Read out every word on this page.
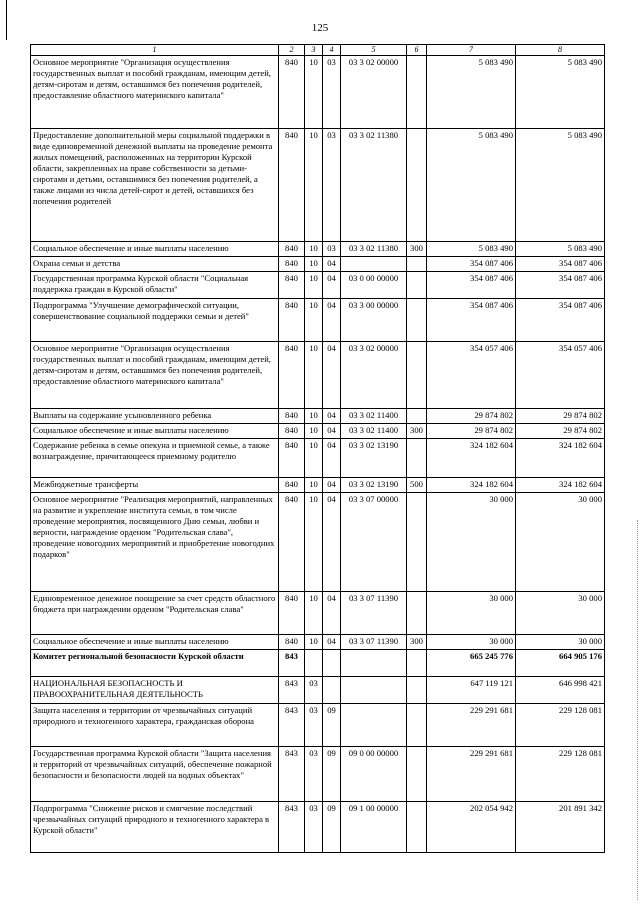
125
1	2	3	4	5	6	7	8
Основное мероприятие "Организация осуществления государственных выплат и пособий гражданам, имеющим детей, детям-сиротам и детям, оставшимся без попечения родителей, предоставление областного материнского капитала"	840	10	03	03 3 02 00000		5 083 490	5 083 490
Предоставление дополнительной меры социальной поддержки в виде единовременной денежной выплаты на проведение ремонта жилых помещений, расположенных на территории Курской области, закрепленных на праве собственности за детьми-сиротами и детьми, оставшимися без попечения родителей, а также лицами из числа детей-сирот и детей, оставшихся без попечения родителей	840	10	03	03 3 02 11380		5 083 490	5 083 490
Социальное обеспечение и иные выплаты населению	840	10	03	03 3 02 11380	300	5 083 490	5 083 490
Охрана семьи и детства	840	10	04			354 087 406	354 087 406
Государственная программа Курской области "Социальная поддержка граждан в Курской области"	840	10	04	03 0 00 00000		354 087 406	354 087 406
Подпрограмма "Улучшение демографической ситуации, совершенствование социальной поддержки семьи и детей"	840	10	04	03 3 00 00000		354 087 406	354 087 406
Основное мероприятие "Организация осуществления государственных выплат и пособий гражданам, имеющим детей, детям-сиротам и детям, оставшимся без попечения родителей, предоставление областного материнского капитала"	840	10	04	03 3 02 00000		354 057 406	354 057 406
Выплаты на содержание усыновленного ребенка	840	10	04	03 3 02 11400		29 874 802	29 874 802
Социальное обеспечение и иные выплаты населению	840	10	04	03 3 02 11400	300	29 874 802	29 874 802
Содержание ребенка в семье опекуна и приемной семье, а также вознаграждение, причитающееся приемному родителю	840	10	04	03 3 02 13190		324 182 604	324 182 604
Межбюджетные трансферты	840	10	04	03 3 02 13190	500	324 182 604	324 182 604
Основное мероприятие "Реализация мероприятий, направленных на развитие и укрепление института семьи, в том числе проведение мероприятия, посвященного Дню семьи, любви и верности, награждение орденом "Родительская слава", проведение новогодних мероприятий и приобретение новогодних подарков"	840	10	04	03 3 07 00000		30 000	30 000
Единовременное денежное поощрение за счет средств областного бюджета при награждении орденом "Родительская слава"	840	10	04	03 3 07 11390		30 000	30 000
Социальное обеспечение и иные выплаты населению	840	10	04	03 3 07 11390	300	30 000	30 000
Комитет региональной безопасности Курской области	843					665 245 776	664 905 176
НАЦИОНАЛЬНАЯ БЕЗОПАСНОСТЬ И ПРАВООХРАНИТЕЛЬНАЯ ДЕЯТЕЛЬНОСТЬ	843	03				647 119 121	646 998 421
Защита населения и территории от чрезвычайных ситуаций природного и техногенного характера, гражданская оборона	843	03	09			229 291 681	229 128 081
Государственная программа Курской области "Защита населения и территорий от чрезвычайных ситуаций, обеспечение пожарной безопасности и безопасности людей на водных объектах"	843	03	09	09 0 00 00000		229 291 681	229 128 081
Подпрограмма "Снижение рисков и смягчение последствий чрезвычайных ситуаций природного и техногенного характера в Курской области"	843	03	09	09 1 00 00000		202 054 942	201 891 342
